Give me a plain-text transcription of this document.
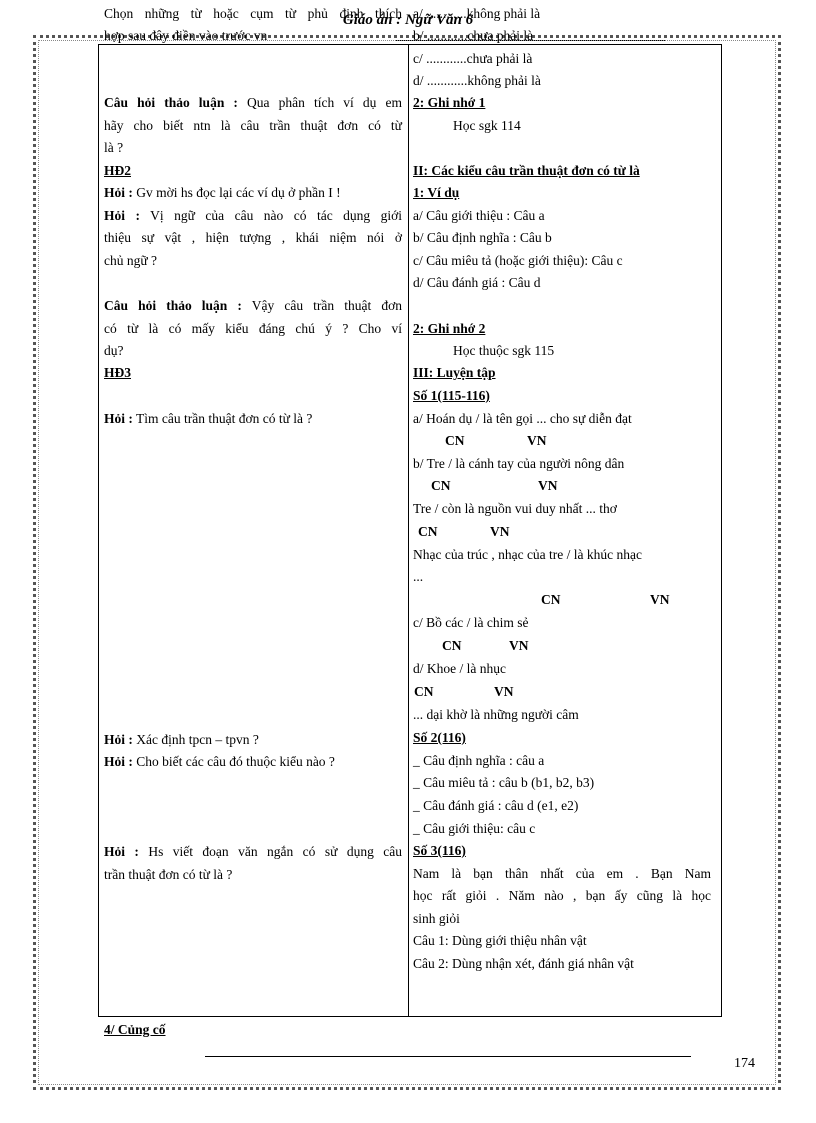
Giáo án : Ngữ Văn 6
Chọn những từ hoặc cụm từ phủ định thích
hợp sau đây điền vào trước vn
Câu hỏi thảo luận : Qua phân tích ví dụ em
hãy cho biết ntn là câu trần thuật đơn có từ
là ?
HĐ2
Hỏi : Gv mời hs đọc lại các ví dụ ở phần I !
Hỏi : Vị ngữ của câu nào có tác dụng giới
thiệu sự vật , hiện tượng , khái niệm nói ở
chủ ngữ ?
Câu hỏi thảo luận : Vậy câu trần thuật đơn
có từ là có mấy kiểu đáng chú ý ? Cho ví
dụ?
HĐ3
Hỏi : Tìm câu trần thuật đơn có từ là ?
Hỏi : Xác định tpcn – tpvn ?
Hỏi : Cho biết các câu đó thuộc kiểu nào ?
Hỏi : Hs viết đoạn văn ngắn có sử dụng câu
trần thuật đơn có từ là ?
a/ ............không phải là
b/ ............chưa phải là
c/ ............chưa phải là
d/ ............không phải là
2: Ghi nhớ 1
Học sgk 114
II: Các kiểu câu trần thuật đơn có từ là
1: Ví dụ
a/ Câu giới thiệu : Câu a
b/ Câu định nghĩa : Câu b
c/ Câu miêu tả (hoặc giới thiệu): Câu c
d/ Câu đánh giá : Câu d
2: Ghi nhớ 2
Học thuộc sgk 115
III: Luyện tập
Số 1(115-116)
a/ Hoán dụ / là tên gọi ... cho sự diễn đạt
CN	VN
b/ Tre / là cánh tay của người nông dân
CN	VN
Tre / còn là nguồn vui duy nhất ... thơ
CN	VN
Nhạc của trúc , nhạc của tre / là khúc nhạc
...
CN	VN
c/ Bồ các / là chim sẻ
CN	VN
d/ Khoe / là nhục
CN	VN
... dại khờ là những người câm
Số 2(116)
_ Câu định nghĩa : câu a
_ Câu miêu tả : câu b (b1, b2, b3)
_ Câu đánh giá : câu d (e1, e2)
_ Câu giới thiệu: câu c
Số 3(116)
Nam là bạn thân nhất của em . Bạn Nam
học rất giỏi . Năm nào , bạn ấy cũng là học
sinh giỏi
Câu 1: Dùng giới thiệu nhân vật
Câu 2: Dùng nhận xét, đánh giá nhân vật
4/ Củng cố
174
